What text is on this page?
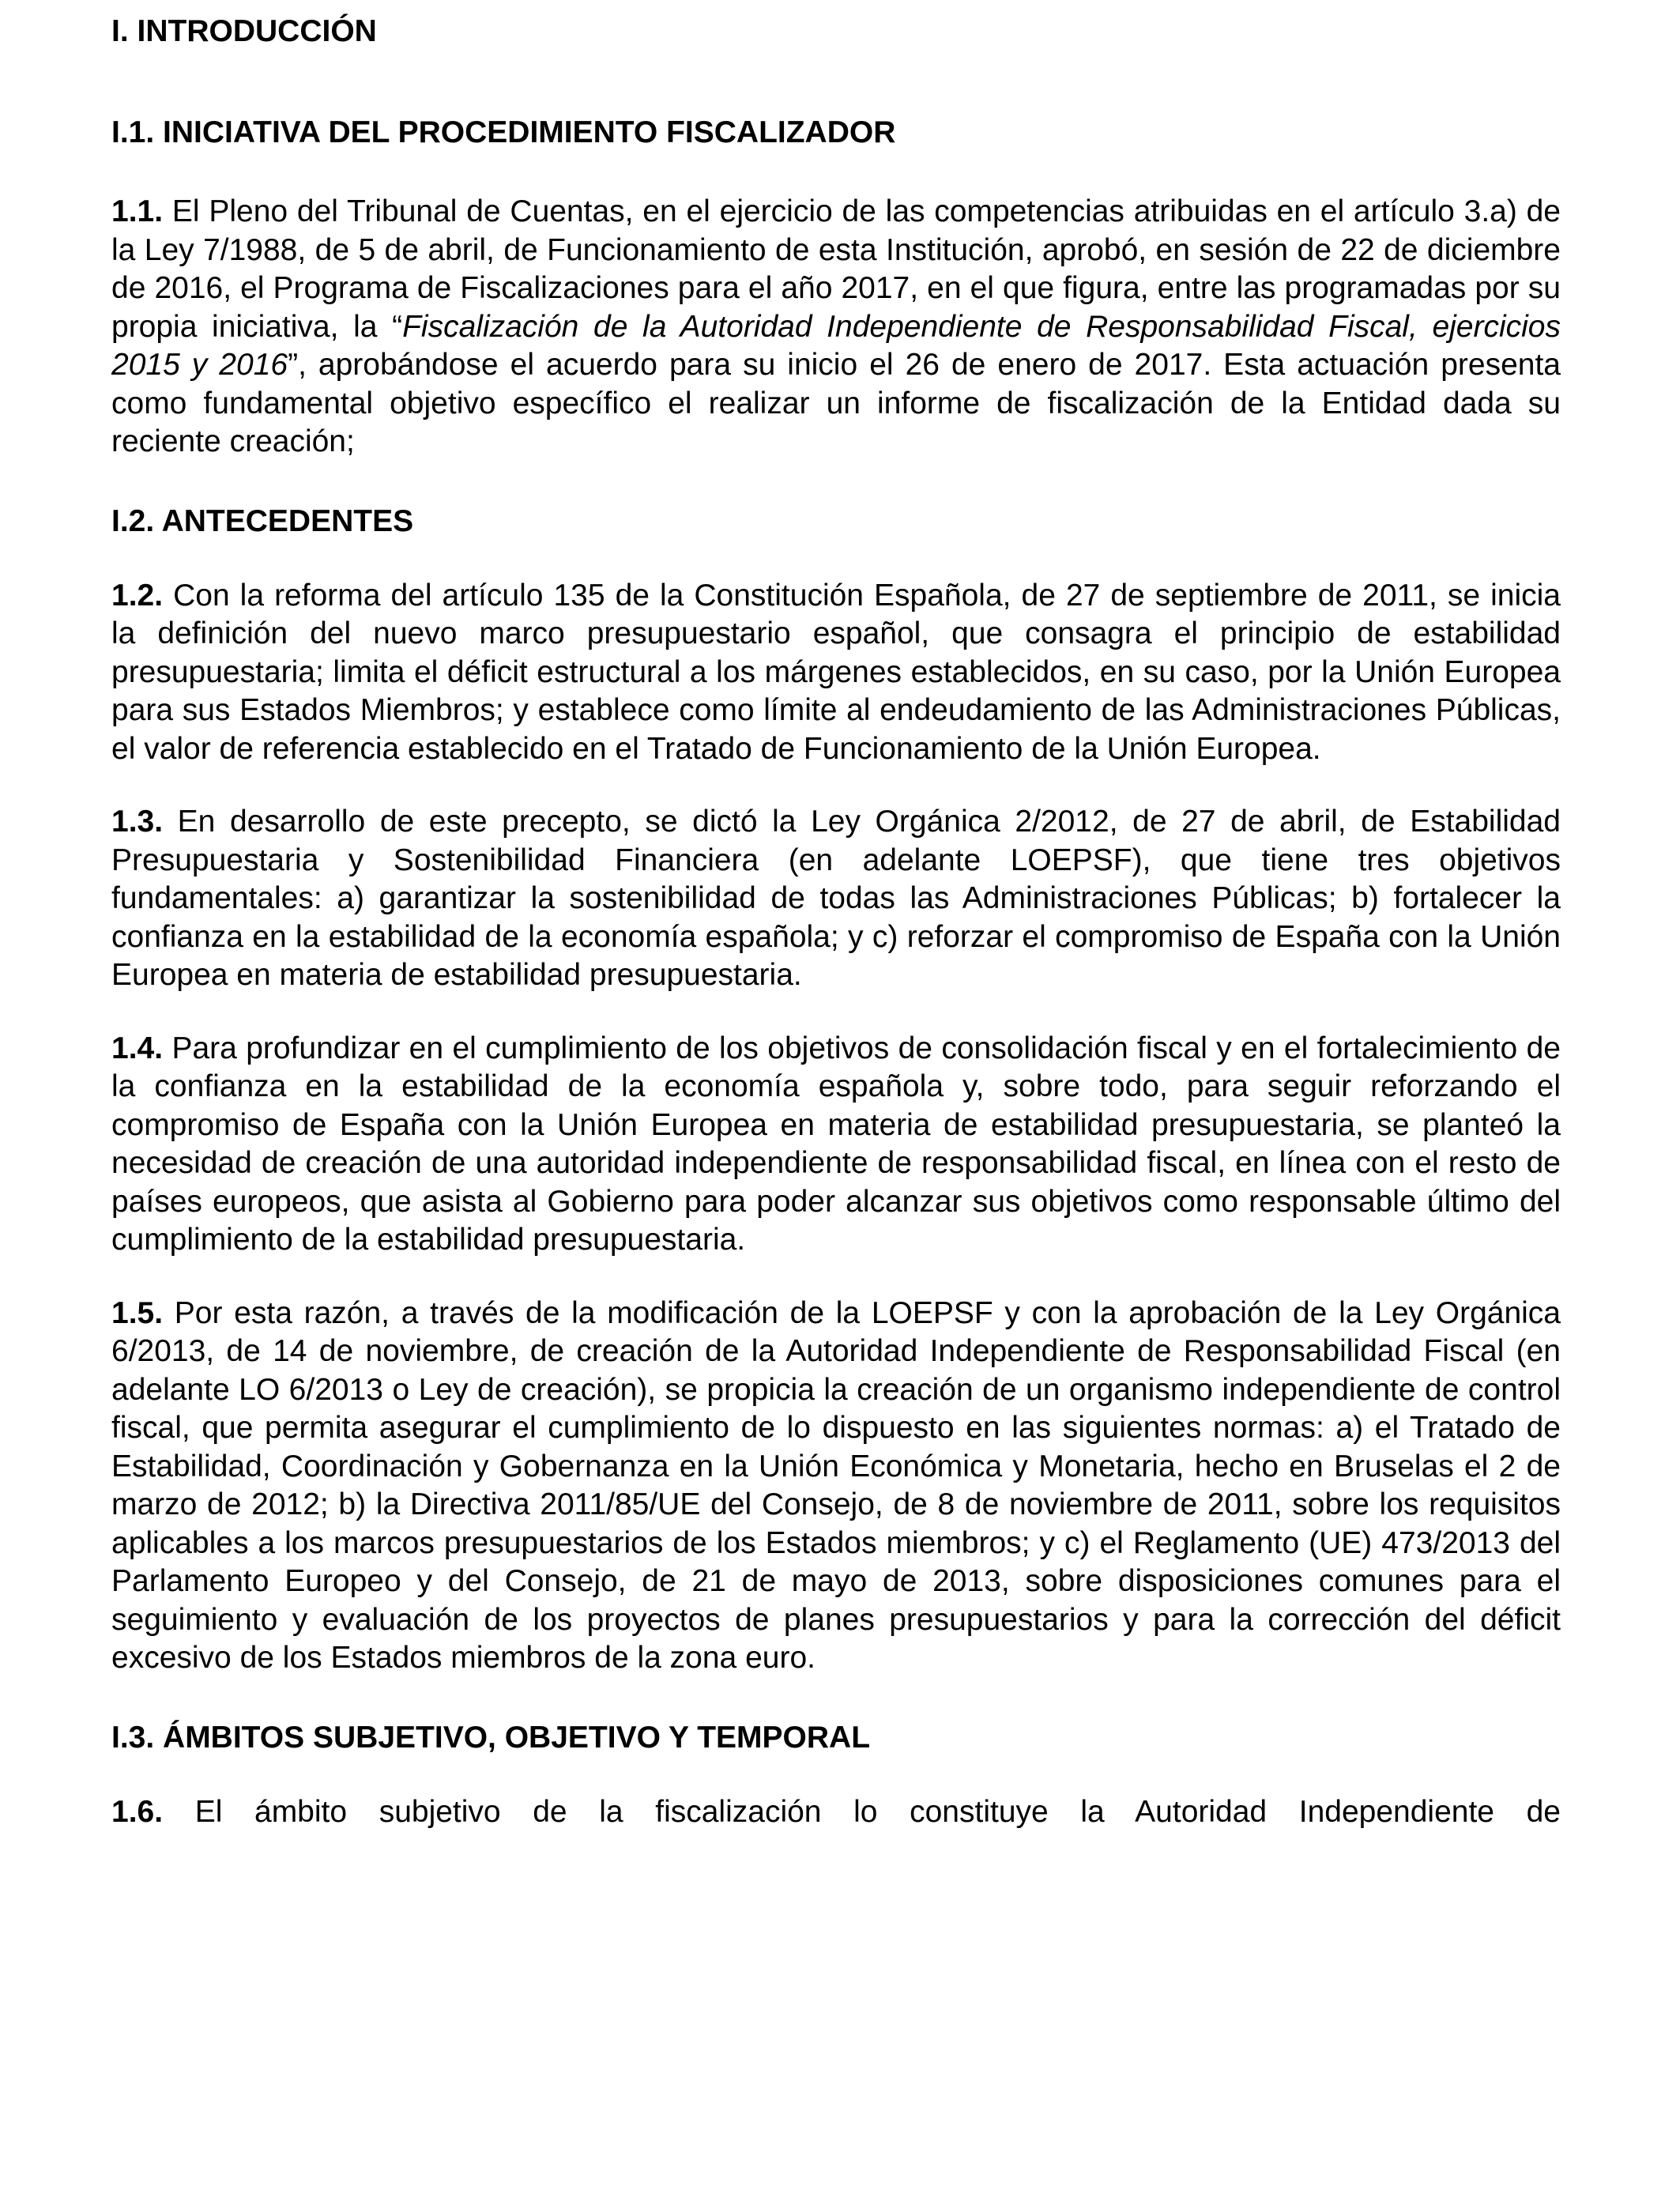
I. INTRODUCCIÓN
I.1. INICIATIVA DEL PROCEDIMIENTO FISCALIZADOR

1.1. El Pleno del Tribunal de Cuentas, en el ejercicio de las competencias atribuidas en el artículo 3.a) de la Ley 7/1988, de 5 de abril, de Funcionamiento de esta Institución, aprobó, en sesión de 22 de diciembre de 2016, el Programa de Fiscalizaciones para el año 2017, en el que figura, entre las programadas por su propia iniciativa, la “Fiscalización de la Autoridad Independiente de Responsabilidad Fiscal, ejercicios 2015 y 2016”, aprobándose el acuerdo para su inicio el 26 de enero de 2017. Esta actuación presenta como fundamental objetivo específico el realizar un informe de fiscalización de la Entidad dada su reciente creación;

I.2. ANTECEDENTES

1.2. Con la reforma del artículo 135 de la Constitución Española, de 27 de septiembre de 2011, se inicia la definición del nuevo marco presupuestario español, que consagra el principio de estabilidad presupuestaria; limita el déficit estructural a los márgenes establecidos, en su caso, por la Unión Europea para sus Estados Miembros; y establece como límite al endeudamiento de las Administraciones Públicas, el valor de referencia establecido en el Tratado de Funcionamiento de la Unión Europea.

1.3. En desarrollo de este precepto, se dictó la Ley Orgánica 2/2012, de 27 de abril, de Estabilidad Presupuestaria y Sostenibilidad Financiera (en adelante LOEPSF), que tiene tres objetivos fundamentales: a) garantizar la sostenibilidad de todas las Administraciones Públicas; b) fortalecer la confianza en la estabilidad de la economía española; y c) reforzar el compromiso de España con la Unión Europea en materia de estabilidad presupuestaria.

1.4. Para profundizar en el cumplimiento de los objetivos de consolidación fiscal y en el fortalecimiento de la confianza en la estabilidad de la economía española y, sobre todo, para seguir reforzando el compromiso de España con la Unión Europea en materia de estabilidad presupuestaria, se planteó la necesidad de creación de una autoridad independiente de responsabilidad fiscal, en línea con el resto de países europeos, que asista al Gobierno para poder alcanzar sus objetivos como responsable último del cumplimiento de la estabilidad presupuestaria.

1.5. Por esta razón, a través de la modificación de la LOEPSF y con la aprobación de la Ley Orgánica 6/2013, de 14 de noviembre, de creación de la Autoridad Independiente de Responsabilidad Fiscal (en adelante LO 6/2013 o Ley de creación), se propicia la creación de un organismo independiente de control fiscal, que permita asegurar el cumplimiento de lo dispuesto en las siguientes normas: a) el Tratado de Estabilidad, Coordinación y Gobernanza en la Unión Económica y Monetaria, hecho en Bruselas el 2 de marzo de 2012; b) la Directiva 2011/85/UE del Consejo, de 8 de noviembre de 2011, sobre los requisitos aplicables a los marcos presupuestarios de los Estados miembros; y c) el Reglamento (UE) 473/2013 del Parlamento Europeo y del Consejo, de 21 de mayo de 2013, sobre disposiciones comunes para el seguimiento y evaluación de los proyectos de planes presupuestarios y para la corrección del déficit excesivo de los Estados miembros de la zona euro.

I.3. ÁMBITOS SUBJETIVO, OBJETIVO Y TEMPORAL

1.6. El ámbito subjetivo de la fiscalización lo constituye la Autoridad Independiente de
